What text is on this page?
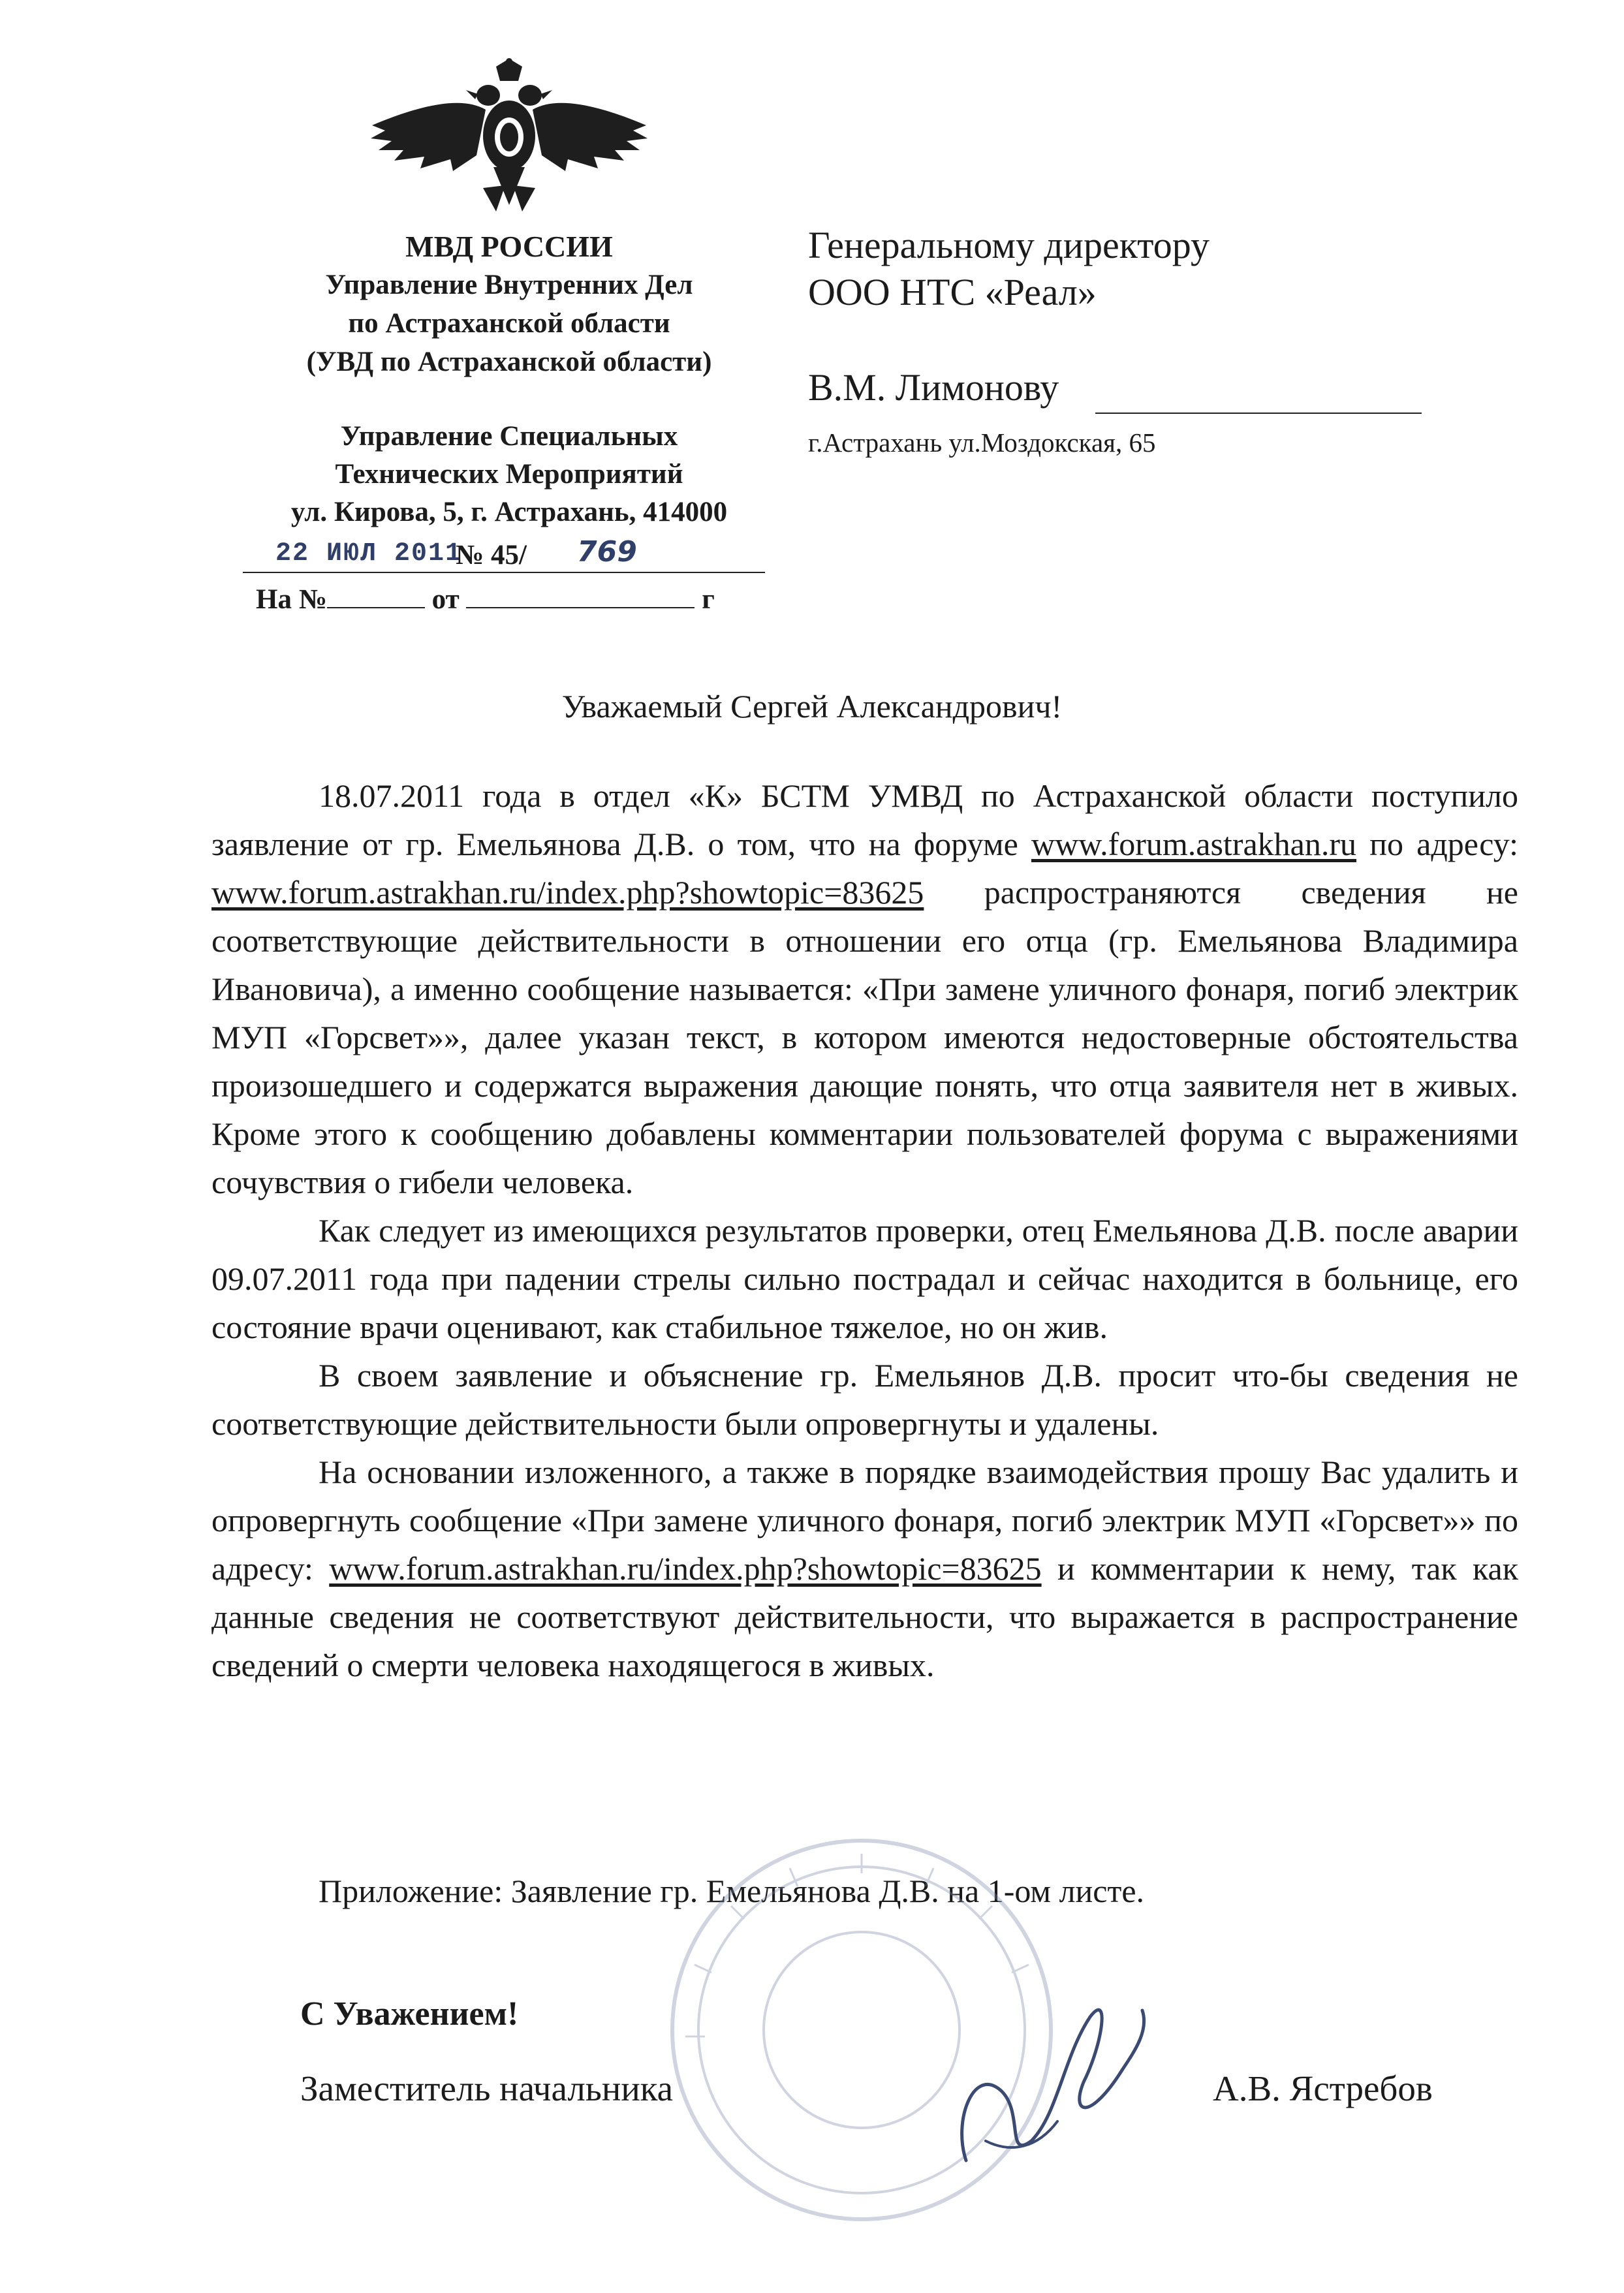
МВД РОССИИ
Управление Внутренних Дел
по Астраханской области
(УВД по Астраханской области)
Управление Специальных
Технических Мероприятий
ул. Кирова, 5, г. Астрахань, 414000
22 ИЮЛ 2011
№ 45/ 769
На №	от	г
Генеральному директору
ООО НТС «Реал»
В.М. Лимонову
г.Астрахань ул.Моздокская, 65
Уважаемый Сергей Александрович!

18.07.2011 года в отдел «К» БСТМ УМВД по Астраханской области поступило заявление от гр. Емельянова Д.В. о том, что на форуме www.forum.astrakhan.ru по адресу: www.forum.astrakhan.ru/index.php?showtopic=83625 распространяются сведения не соответствующие действительности в отношении его отца (гр. Емельянова Владимира Ивановича), а именно сообщение называется: «При замене уличного фонаря, погиб электрик МУП «Горсвет»», далее указан текст, в котором имеются недостоверные обстоятельства произошедшего и содержатся выражения дающие понять, что отца заявителя нет в живых. Кроме этого к сообщению добавлены комментарии пользователей форума с выражениями сочувствия о гибели человека.

Как следует из имеющихся результатов проверки, отец Емельянова Д.В. после аварии 09.07.2011 года при падении стрелы сильно пострадал и сейчас находится в больнице, его состояние врачи оценивают, как стабильное тяжелое, но он жив.

В своем заявление и объяснение гр. Емельянов Д.В. просит что-бы сведения не соответствующие действительности были опровергнуты и удалены.

На основании изложенного, а также в порядке взаимодействия прошу Вас удалить и опровергнуть сообщение «При замене уличного фонаря, погиб электрик МУП «Горсвет»» по адресу: www.forum.astrakhan.ru/index.php?showtopic=83625 и комментарии к нему, так как данные сведения не соответствуют действительности, что выражается в распространение сведений о смерти человека находящегося в живых.

Приложение: Заявление гр. Емельянова Д.В. на 1-ом листе.
С Уважением!
Заместитель начальника	А.В. Ястребов
